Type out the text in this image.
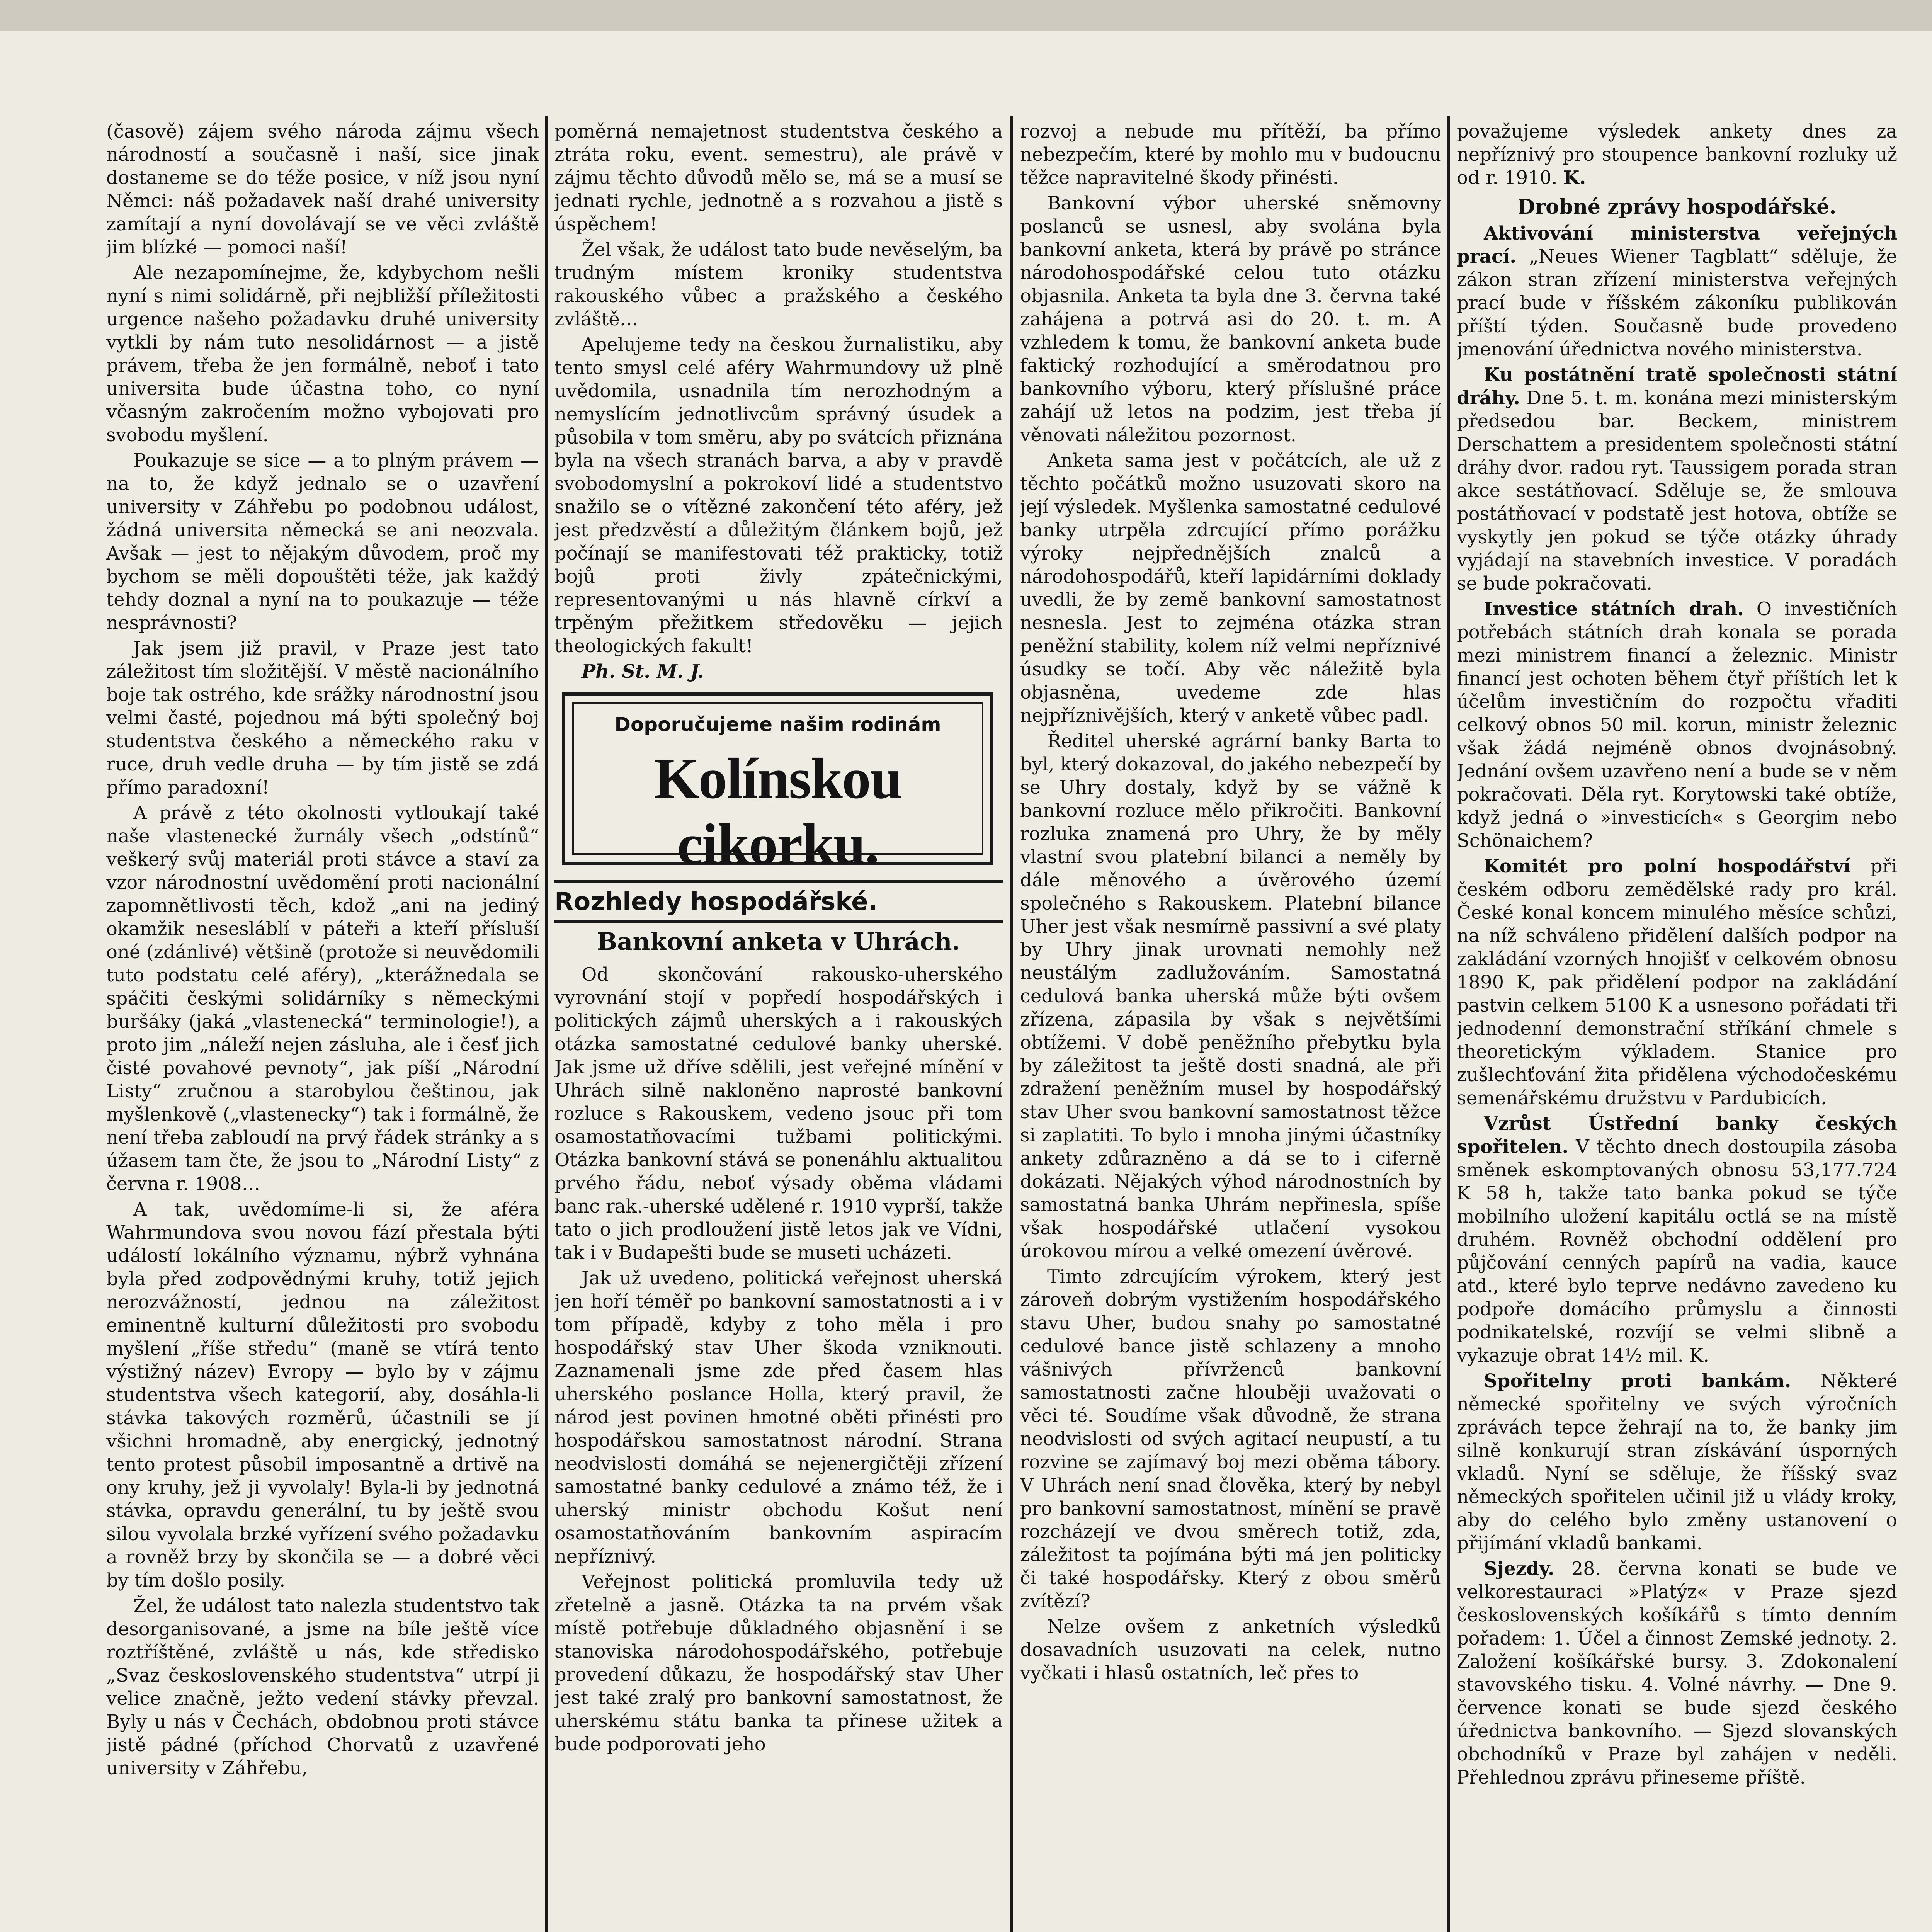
(časově) zájem svého národa zájmu všech národností a současně i naší, sice jinak dostaneme se do téže posice, v níž jsou nyní Němci: náš požadavek naší drahé university zamítají a nyní dovolávají se ve věci zvláště jim blízké — pomoci naší!

Ale nezapomínejme, že, kdybychom nešli nyní s nimi solidárně, při nejbližší příležitosti urgence našeho požadavku druhé university vytkli by nám tuto nesolidárnost — a jistě právem, třeba že jen formálně, neboť i tato universita bude účastna toho, co nyní včasným zakročením možno vybojovati pro svobodu myšlení.

Poukazuje se sice — a to plným právem — na to, že když jednalo se o uzavření university v Záhřebu po podobnou událost, žádná universita německá se ani neozvala. Avšak — jest to nějakým důvodem, proč my bychom se měli dopouštěti téže, jak každý tehdy doznal a nyní na to poukazuje — téže nesprávnosti?

Jak jsem již pravil, v Praze jest tato záležitost tím složitější. V městě nacionálního boje tak ostrého, kde srážky národnostní jsou velmi časté, pojednou má býti společný boj studentstva českého a německého raku v ruce, druh vedle druha — by tím jistě se zdá přímo paradoxní!

A právě z této okolnosti vytloukají také naše vlastenecké žurnály všech „odstínů“ veškerý svůj materiál proti stávce a staví za vzor národnostní uvědomění proti nacionální zapomnětlivosti těch, kdož „ani na jediný okamžik nesesláblí v páteři a kteří přísluší oné (zdánlivé) většině (protože si neuvědomili tuto podstatu celé aféry), „kterážnedala se spáčiti českými solidárníky s německými buršáky (jaká „vlastenecká“ terminologie!), a proto jim „náleží nejen zásluha, ale i česť jich čisté povahové pevnoty“, jak píší „Národní Listy“ zručnou a starobylou češtinou, jak myšlenkově („vlastenecky“) tak i formálně, že není třeba zabloudí na prvý řádek stránky a s úžasem tam čte, že jsou to „Národní Listy“ z června r. 1908…

A tak, uvědomíme-li si, že aféra Wahrmundova svou novou fází přestala býti událostí lokálního významu, nýbrž vyhnána byla před zodpovědnými kruhy, totiž jejich nerozvážností, jednou na záležitost eminentně kulturní důležitosti pro svobodu myšlení „říše středu“ (maně se vtírá tento výstižný název) Evropy — bylo by v zájmu studentstva všech kategorií, aby, dosáhla-li stávka takových rozměrů, účastnili se jí všichni hromadně, aby energický, jednotný tento protest působil imposantně a drtivě na ony kruhy, jež ji vyvolaly! Byla-li by jednotná stávka, opravdu generální, tu by ještě svou silou vyvolala brzké vyřízení svého požadavku a rovněž brzy by skončila se — a dobré věci by tím došlo posily.

Žel, že událost tato nalezla studentstvo tak desorganisované, a jsme na bíle ještě více roztříštěné, zvláště u nás, kde středisko „Svaz československého studentstva“ utrpí ji velice značně, ježto vedení stávky převzal. Byly u nás v Čechách, obdobnou proti stávce jistě pádné (příchod Chorvatů z uzavřené university v Záhřebu,

poměrná nemajetnost studentstva českého a ztráta roku, event. semestru), ale právě v zájmu těchto důvodů mělo se, má se a musí se jednati rychle, jednotně a s rozvahou a jistě s úspěchem!

Žel však, že událost tato bude nevěselým, ba trudným místem kroniky studentstva rakouského vůbec a pražského a českého zvláště…

Apelujeme tedy na českou žurnalistiku, aby tento smysl celé aféry Wahrmundovy už plně uvědomila, usnadnila tím nerozhodným a nemyslícím jednotlivcům správný úsudek a působila v tom směru, aby po svátcích přiznána byla na všech stranách barva, a aby v pravdě svobodomyslní a pokrokoví lidé a studentstvo snažilo se o vítězné zakončení této aféry, jež jest předzvěstí a důležitým článkem bojů, jež počínají se manifestovati též prakticky, totiž bojů proti živly zpátečnickými, representovanými u nás hlavně církví a trpěným přežitkem středověku — jejich theologických fakult!

Ph. St. M. J.

Doporučujeme našim rodinám
Kolínskou cikorku.
Rozhledy hospodářské.
Bankovní anketa v Uhrách.

Od skončování rakousko-uherského vyrovnání stojí v popředí hospodářských i politických zájmů uherských a i rakouských otázka samostatné cedulové banky uherské. Jak jsme už dříve sdělili, jest veřejné mínění v Uhrách silně nakloněno naprosté bankovní rozluce s Rakouskem, vedeno jsouc při tom osamostatňovacími tužbami politickými. Otázka bankovní stává se ponenáhlu aktualitou prvého řádu, neboť výsady oběma vládami banc rak.-uherské udělené r. 1910 vyprší, takže tato o jich prodloužení jistě letos jak ve Vídni, tak i v Budapešti bude se museti ucházeti.

Jak už uvedeno, politická veřejnost uherská jen hoří téměř po bankovní samostatnosti a i v tom případě, kdyby z toho měla i pro hospodářský stav Uher škoda vzniknouti. Zaznamenali jsme zde před časem hlas uherského poslance Holla, který pravil, že národ jest povinen hmotné oběti přinésti pro hospodářskou samostatnost národní. Strana neodvislosti domáhá se nejenergičtěji zřízení samostatné banky cedulové a známo též, že i uherský ministr obchodu Košut není osamostatňováním bankovním aspiracím nepříznivý.

Veřejnost politická promluvila tedy už zřetelně a jasně. Otázka ta na prvém však místě potřebuje důkladného objasnění i se stanoviska národohospodářského, potřebuje provedení důkazu, že hospodářský stav Uher jest také zralý pro bankovní samostatnost, že uherskému státu banka ta přinese užitek a bude podporovati jeho

rozvoj a nebude mu přítěží, ba přímo nebezpečím, které by mohlo mu v budoucnu těžce napravitelné škody přinésti.

Bankovní výbor uherské sněmovny poslanců se usnesl, aby svolána byla bankovní anketa, která by právě po stránce národohospodářské celou tuto otázku objasnila. Anketa ta byla dne 3. června také zahájena a potrvá asi do 20. t. m. A vzhledem k tomu, že bankovní anketa bude faktický rozhodující a směrodatnou pro bankovního výboru, který příslušné práce zahájí už letos na podzim, jest třeba jí věnovati náležitou pozornost.

Anketa sama jest v počátcích, ale už z těchto počátků možno usuzovati skoro na její výsledek. Myšlenka samostatné cedulové banky utrpěla zdrcující přímo porážku výroky nejpřednějších znalců a národohospodářů, kteří lapidárními doklady uvedli, že by země bankovní samostatnost nesnesla. Jest to zejména otázka stran peněžní stability, kolem níž velmi nepříznivé úsudky se točí. Aby věc náležitě byla objasněna, uvedeme zde hlas nejpříznivějších, který v anketě vůbec padl.

Ředitel uherské agrární banky Barta to byl, který dokazoval, do jakého nebezpečí by se Uhry dostaly, když by se vážně k bankovní rozluce mělo přikročiti. Bankovní rozluka znamená pro Uhry, že by měly vlastní svou platební bilanci a neměly by dále měnového a úvěrového území společného s Rakouskem. Platební bilance Uher jest však nesmírně passivní a své platy by Uhry jinak urovnati nemohly než neustálým zadlužováním. Samostatná cedulová banka uherská může býti ovšem zřízena, zápasila by však s největšími obtížemi. V době peněžního přebytku byla by záležitost ta ještě dosti snadná, ale při zdražení peněžním musel by hospodářský stav Uher svou bankovní samostatnost těžce si zaplatiti. To bylo i mnoha jinými účastníky ankety zdůrazněno a dá se to i ciferně dokázati. Nějakých výhod národnostních by samostatná banka Uhrám nepřinesla, spíše však hospodářské utlačení vysokou úrokovou mírou a velké omezení úvěrové.

Timto zdrcujícím výrokem, který jest zároveň dobrým vystižením hospodářského stavu Uher, budou snahy po samostatné cedulové bance jistě schlazeny a mnoho vášnivých přívrženců bankovní samostatnosti začne hlouběji uvažovati o věci té. Soudíme však důvodně, že strana neodvislosti od svých agitací neupustí, a tu rozvine se zajímavý boj mezi oběma tábory. V Uhrách není snad člověka, který by nebyl pro bankovní samostatnost, mínění se pravě rozcházejí ve dvou směrech totiž, zda, záležitost ta pojímána býti má jen politicky či také hospodářsky. Který z obou směrů zvítězí?

Nelze ovšem z anketních výsledků dosavadních usuzovati na celek, nutno vyčkati i hlasů ostatních, leč přes to

považujeme výsledek ankety dnes za nepříznivý pro stoupence bankovní rozluky už od r. 1910. K.

Drobné zprávy hospodářské.

Aktivování ministerstva veřejných prací. „Neues Wiener Tagblatt“ sděluje, že zákon stran zřízení ministerstva veřejných prací bude v říšském zákoníku publikován příští týden. Současně bude provedeno jmenování úřednictva nového ministerstva.

Ku postátnění tratě společnosti státní dráhy. Dne 5. t. m. konána mezi ministerským předsedou bar. Beckem, ministrem Derschattem a presidentem společnosti státní dráhy dvor. radou ryt. Taussigem porada stran akce sestátňovací. Sděluje se, že smlouva postátňovací v podstatě jest hotova, obtíže se vyskytly jen pokud se týče otázky úhrady vyjádají na stavebních investice. V poradách se bude pokračovati.

Investice státních drah. O investičních potřebách státních drah konala se porada mezi ministrem financí a železnic. Ministr financí jest ochoten během čtyř příštích let k účelům investičním do rozpočtu vřaditi celkový obnos 50 mil. korun, ministr železnic však žádá nejméně obnos dvojnásobný. Jednání ovšem uzavřeno není a bude se v něm pokračovati. Děla ryt. Korytowski také obtíže, když jedná o »investicích« s Georgim nebo Schönaichem?

Komitét pro polní hospodářství při českém odboru zemědělské rady pro král. České konal koncem minulého měsíce schůzi, na níž schváleno přidělení dalších podpor na zakládání vzorných hnojišť v celkovém obnosu 1890 K, pak přidělení podpor na zakládání pastvin celkem 5100 K a usnesono pořádati tři jednodenní demonstrační stříkání chmele s theoretickým výkladem. Stanice pro zušlechťování žita přidělena východočeskému semenářskému družstvu v Pardubicích.

Vzrůst Ústřední banky českých spořitelen. V těchto dnech dostoupila zásoba směnek eskomptovaných obnosu 53,177.724 K 58 h, takže tato banka pokud se týče mobilního uložení kapitálu octlá se na místě druhém. Rovněž obchodní oddělení pro půjčování cenných papírů na vadia, kauce atd., které bylo teprve nedávno zavedeno ku podpoře domácího průmyslu a činnosti podnikatelské, rozvíjí se velmi slibně a vykazuje obrat 14½ mil. K.

Spořitelny proti bankám. Některé německé spořitelny ve svých výročních zprávách tepce žehrají na to, že banky jim silně konkurují stran získávání úsporných vkladů. Nyní se sděluje, že říšský svaz německých spořitelen učinil již u vlády kroky, aby do celého bylo změny ustanovení o přijímání vkladů bankami.

Sjezdy. 28. června konati se bude ve velkorestauraci »Platýz« v Praze sjezd československých košíkářů s tímto denním pořadem: 1. Účel a činnost Zemské jednoty. 2. Založení košíkářské bursy. 3. Zdokonalení stavovského tisku. 4. Volné návrhy. — Dne 9. července konati se bude sjezd českého úřednictva bankovního. — Sjezd slovanských obchodníků v Praze byl zahájen v neděli. Přehlednou zprávu přineseme příště.
